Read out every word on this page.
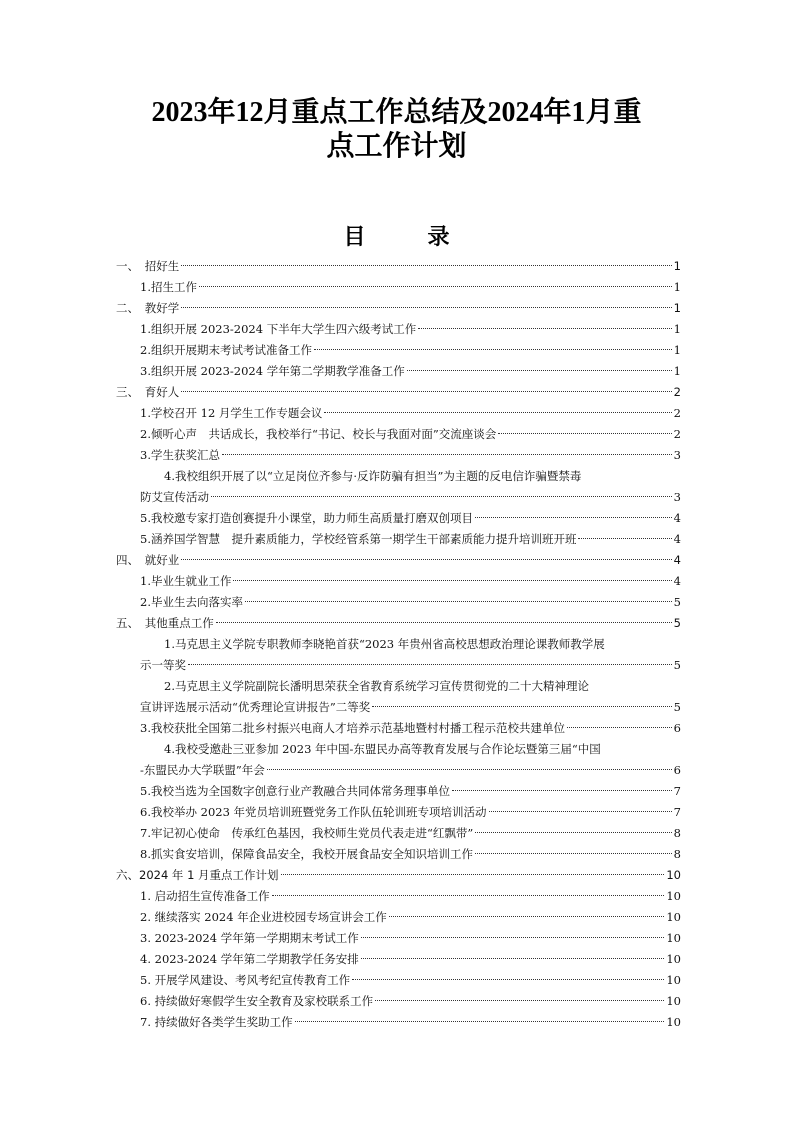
2023年12月重点工作总结及2024年1月重
点工作计划
目　录
一、　招好生	1
1.招生工作	1
二、　教好学	1
1.组织开展 2023-2024 下半年大学生四六级考试工作	1
2.组织开展期末考试考试准备工作	1
3.组织开展 2023-2024 学年第二学期教学准备工作	1
三、　育好人	2
1.学校召开 12 月学生工作专题会议	2
2.倾听心声　共话成长，我校举行“书记、校长与我面对面”交流座谈会	2
3.学生获奖汇总	3
4.我校组织开展了以“立足岗位齐参与·反诈防骗有担当”为主题的反电信诈骗暨禁毒
防艾宣传活动	3
5.我校邀专家打造创赛提升小课堂，助力师生高质量打磨双创项目	4
5.涵养国学智慧　提升素质能力，学校经管系第一期学生干部素质能力提升培训班开班	4
四、　就好业	4
1.毕业生就业工作	4
2.毕业生去向落实率	5
五、　其他重点工作	5
1.马克思主义学院专职教师李晓艳首获“2023 年贵州省高校思想政治理论课教师教学展
示一等奖	5
2.马克思主义学院副院长潘明思荣获全省教育系统学习宣传贯彻党的二十大精神理论
宣讲评选展示活动“优秀理论宣讲报告”二等奖	5
3.我校获批全国第二批乡村振兴电商人才培养示范基地暨村村播工程示范校共建单位	6
4.我校受邀赴三亚参加 2023 年中国-东盟民办高等教育发展与合作论坛暨第三届“中国
-东盟民办大学联盟”年会	6
5.我校当选为全国数字创意行业产教融合共同体常务理事单位	7
6.我校举办 2023 年党员培训班暨党务工作队伍轮训班专项培训活动	7
7.牢记初心使命　传承红色基因，我校师生党员代表走进“红飘带”	8
8.抓实食安培训，保障食品安全，我校开展食品安全知识培训工作	8
六、2024 年 1 月重点工作计划	10
1. 启动招生宣传准备工作	10
2. 继续落实 2024 年企业进校园专场宣讲会工作	10
3. 2023-2024 学年第一学期期末考试工作	10
4. 2023-2024 学年第二学期教学任务安排	10
5. 开展学风建设、考风考纪宣传教育工作	10
6. 持续做好寒假学生安全教育及家校联系工作	10
7. 持续做好各类学生奖助工作	10
